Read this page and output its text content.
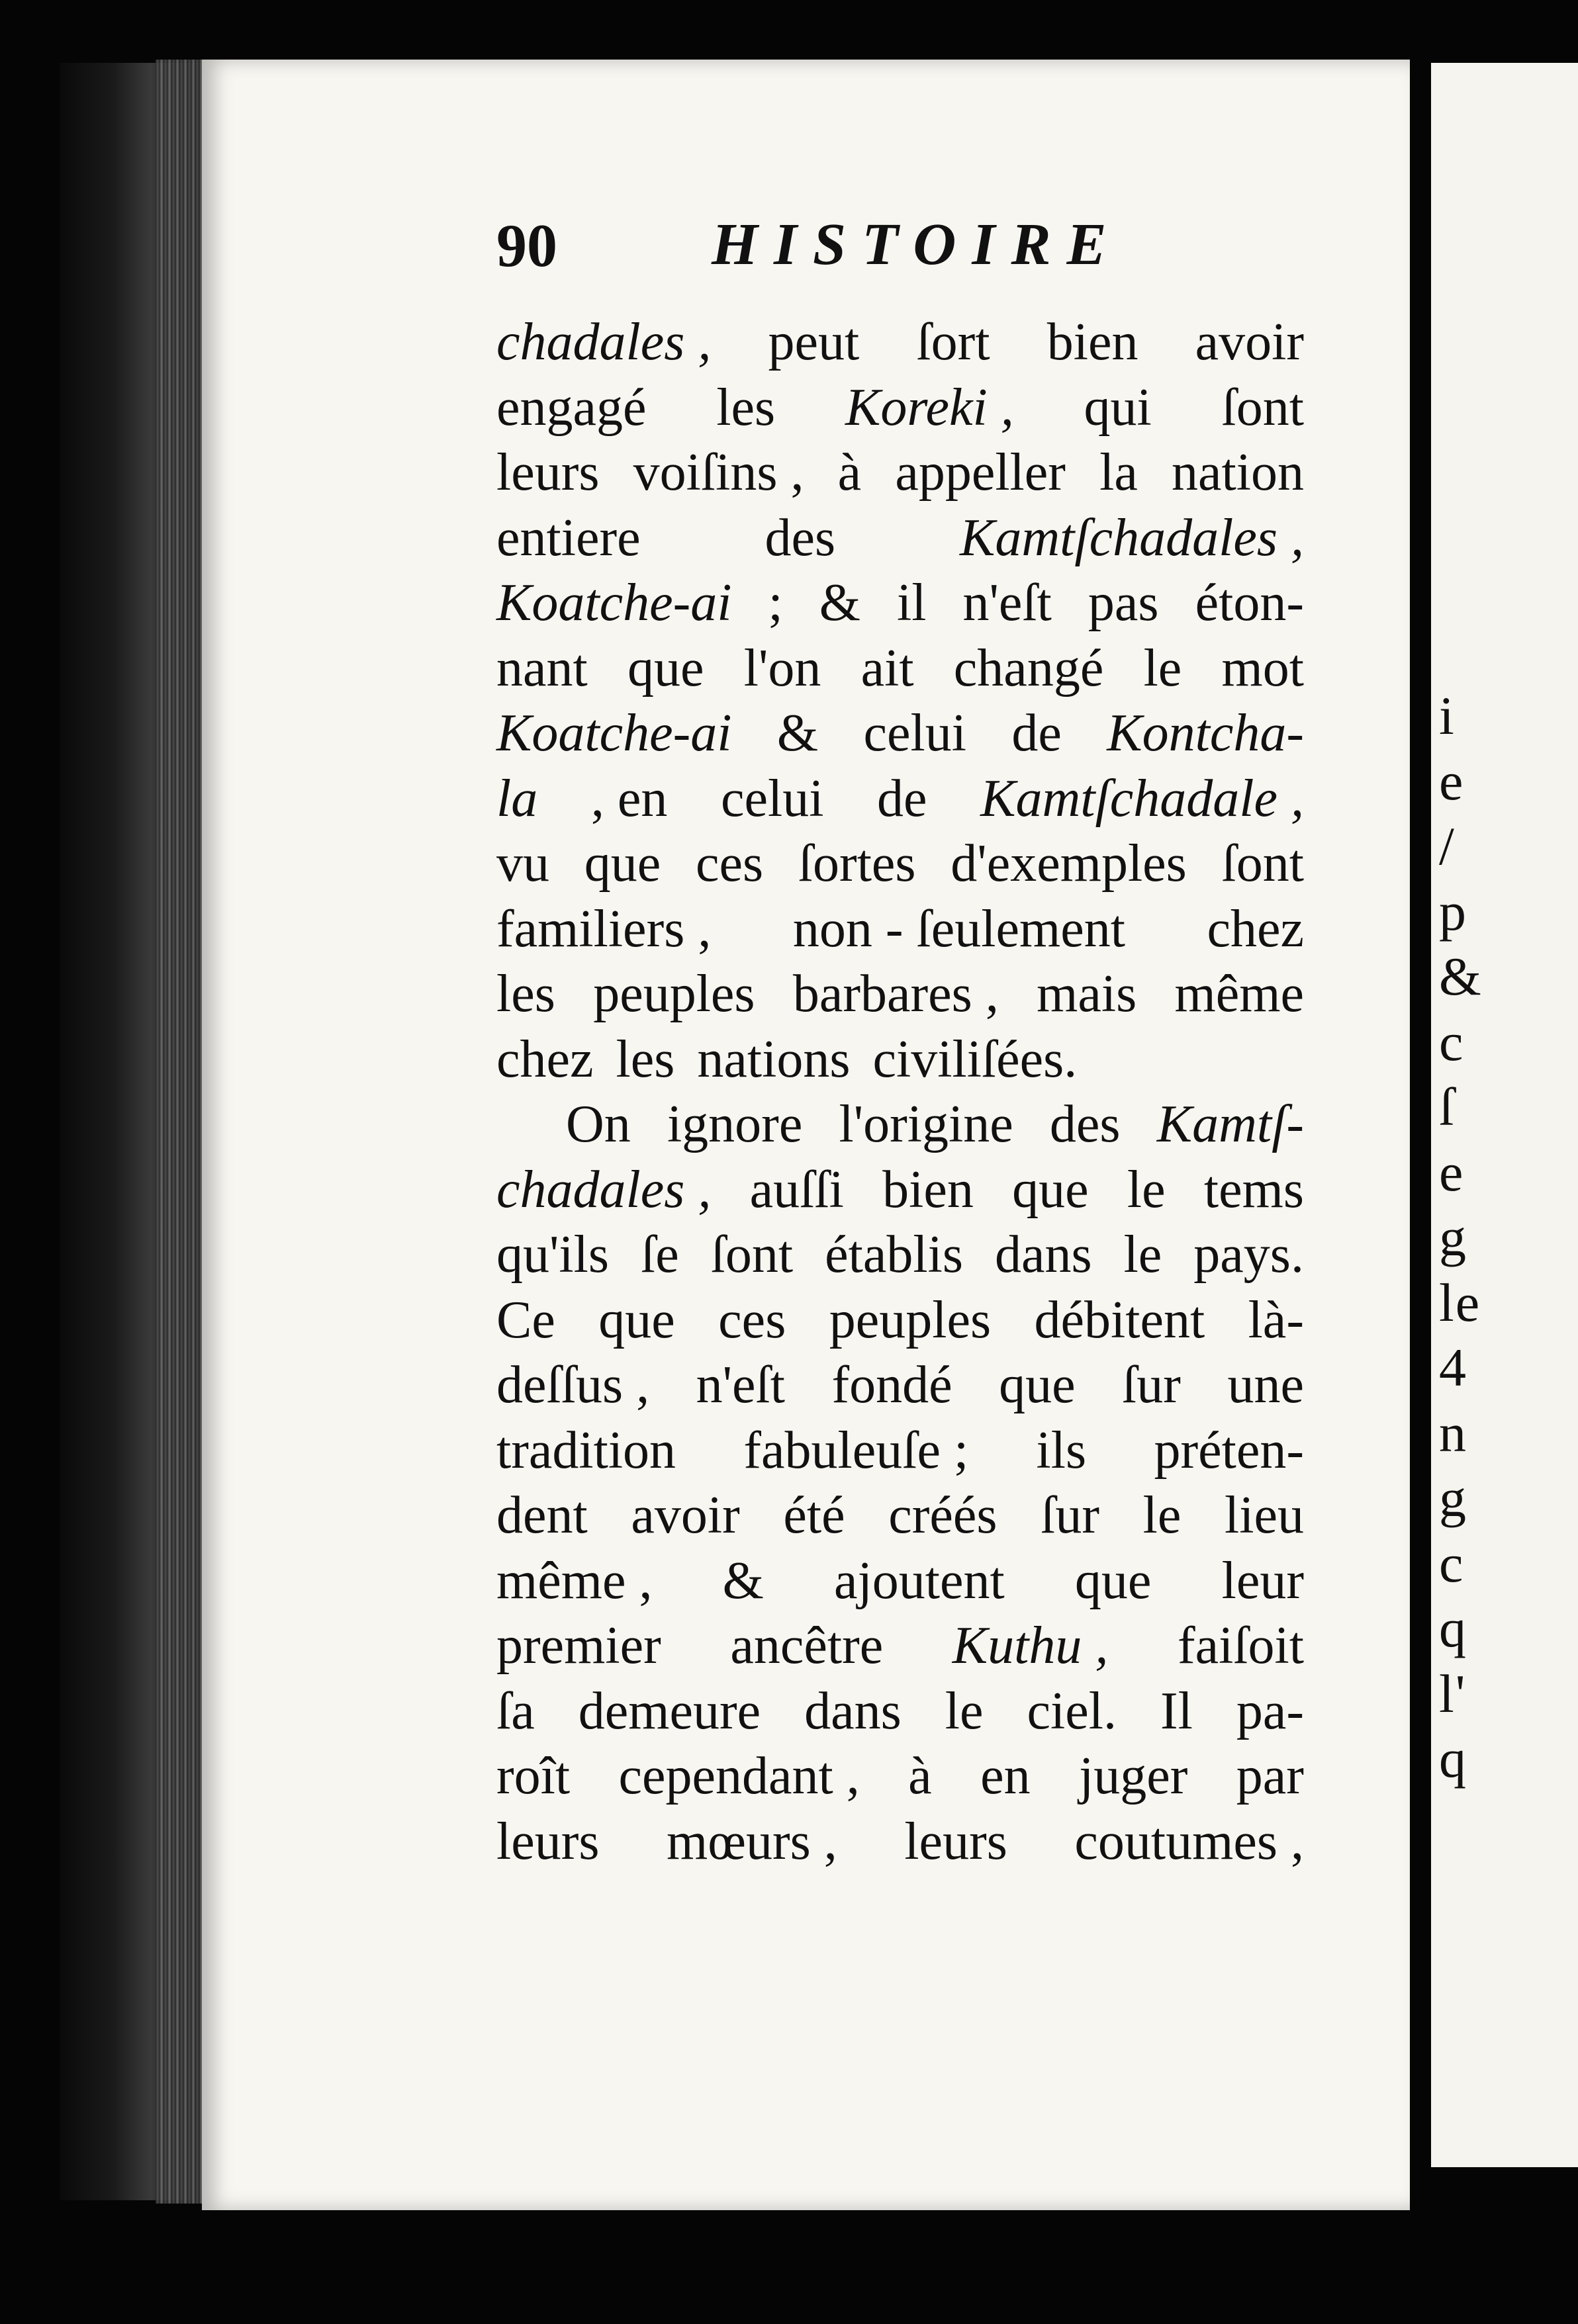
i
e
/
p
&
c
ſ
e
g
le
4
n
g
c
q
l'
q
90	HISTOIRE
chadales , peut ſort bien avoir
engagé les Koreki , qui ſont
leurs voiſins , à appeller la nation
entiere des Kamtſchadales ,
Koatche-ai ; & il n'eſt pas éton-
nant que l'on ait changé le mot
Koatche-ai & celui de Kontcha-
la , en celui de Kamtſchadale ,
vu que ces ſortes d'exemples ſont
familiers , non - ſeulement chez
les peuples barbares , mais même
chez les nations civiliſées.
On ignore l'origine des Kamtſ-
chadales , auſſi bien que le tems
qu'ils ſe ſont établis dans le pays.
Ce que ces peuples débitent là-
deſſus , n'eſt fondé que ſur une
tradition fabuleuſe ; ils préten-
dent avoir été créés ſur le lieu
même , & ajoutent que leur
premier ancêtre Kuthu , faiſoit
ſa demeure dans le ciel. Il pa-
roît cependant , à en juger par
leurs mœurs , leurs coutumes ,
